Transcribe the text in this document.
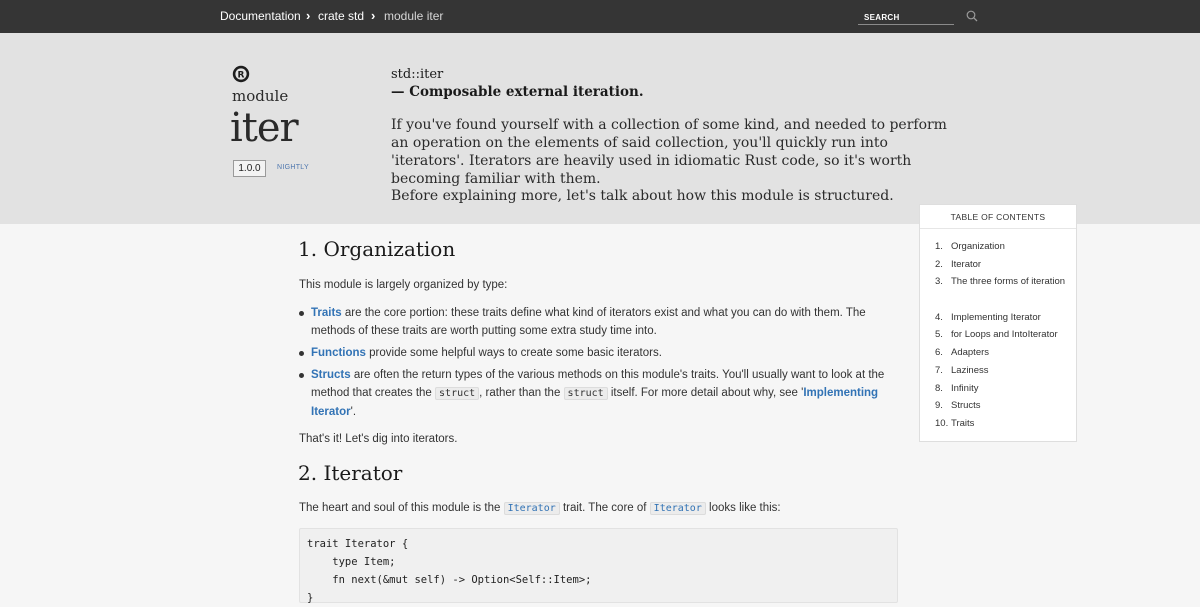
Documentation › crate std › module iter
SEARCH
R
module
iter
1.0.0	NIGHTLY
std::iter
— Composable external iteration.

If you've found yourself with a collection of some kind, and needed to perform an operation on the elements of said collection, you'll quickly run into 'iterators'. Iterators are heavily used in idiomatic Rust code, so it's worth becoming familiar with them.

Before explaining more, let's talk about how this module is structured.

1. Organization

This module is largely organized by type:

Traits are the core portion: these traits define what kind of iterators exist and what you can do with them. The methods of these traits are worth putting some extra study time into.
Functions provide some helpful ways to create some basic iterators.
Structs are often the return types of the various methods on this module's traits. You'll usually want to look at the method that creates the struct , rather than the struct itself. For more detail about why, see 'Implementing Iterator'.

That's it! Let's dig into iterators.

2. Iterator

The heart and soul of this module is the Iterator trait. The core of Iterator looks like this:

trait Iterator {
type Item;
fn next(&mut self) -> Option<Self::Item>;
}
TABLE OF CONTENTS
1. Organization
2. Iterator
3. The three forms of iteration
4. Implementing Iterator
5. for Loops and IntoIterator
6. Adapters
7. Laziness
8. Infinity
9. Structs
10. Traits
